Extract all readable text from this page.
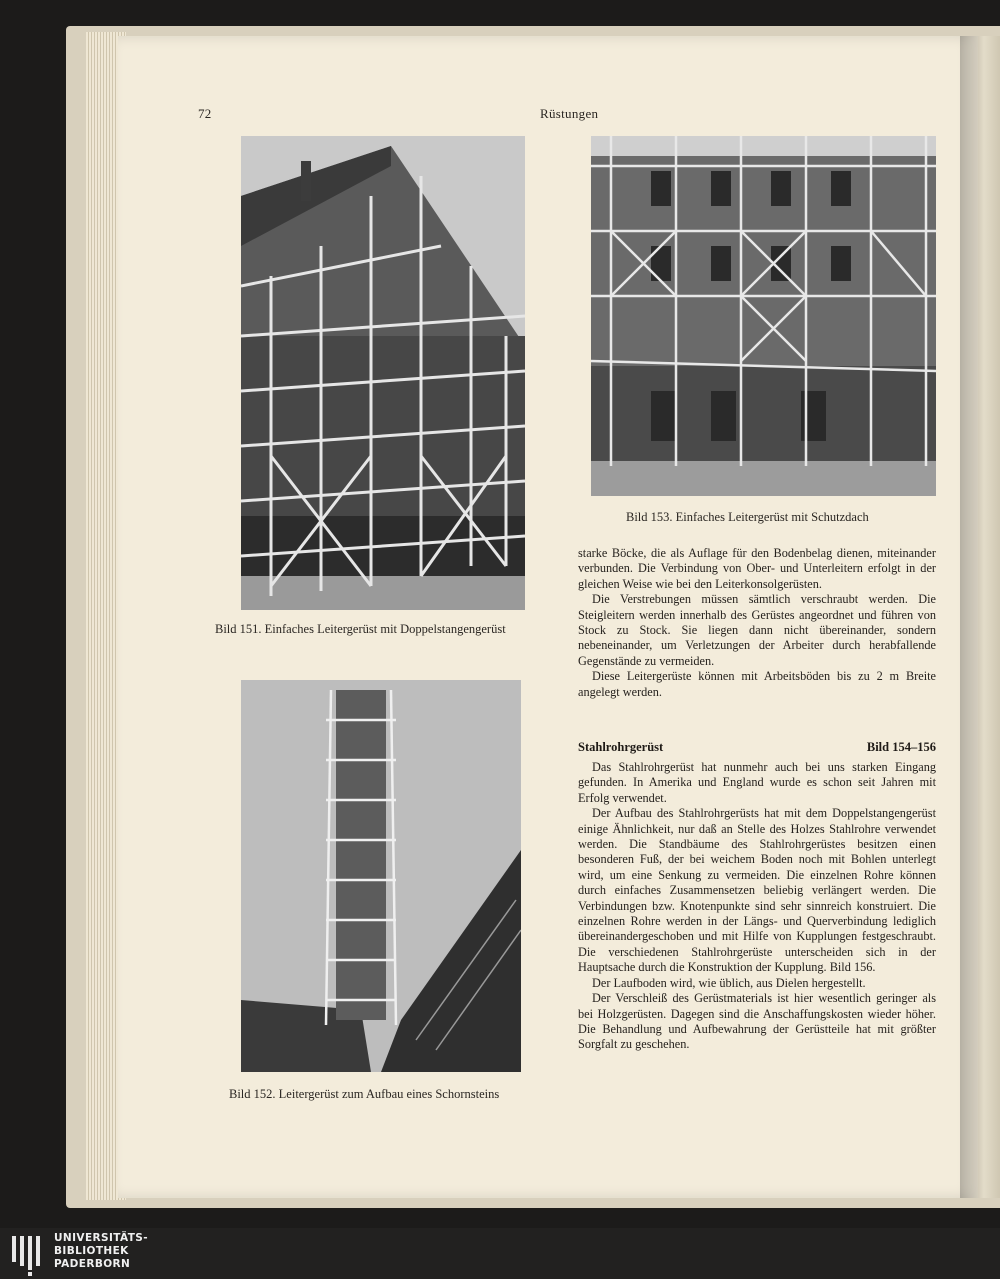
72	Rüstungen
Bild 151. Einfaches Leitergerüst mit Doppelstangengerüst
Bild 152. Leitergerüst zum Aufbau eines Schornsteins
Bild 153. Einfaches Leitergerüst mit Schutzdach

starke Böcke, die als Auflage für den Bodenbelag dienen, miteinander verbunden. Die Verbindung von Ober- und Unterleitern erfolgt in der gleichen Weise wie bei den Leiterkonsolgerüsten.

Die Verstrebungen müssen sämtlich verschraubt werden. Die Steigleitern werden innerhalb des Gerüstes angeordnet und führen von Stock zu Stock. Sie liegen dann nicht übereinander, sondern nebeneinander, um Verletzungen der Arbeiter durch herabfallende Gegenstände zu vermeiden.

Diese Leitergerüste können mit Arbeitsböden bis zu 2 m Breite angelegt werden.

Stahlrohrgerüst	Bild 154–156

Das Stahlrohrgerüst hat nunmehr auch bei uns starken Eingang gefunden. In Amerika und England wurde es schon seit Jahren mit Erfolg verwendet.

Der Aufbau des Stahlrohrgerüsts hat mit dem Doppelstangengerüst einige Ähnlichkeit, nur daß an Stelle des Holzes Stahlrohre verwendet werden. Die Standbäume des Stahlrohrgerüstes besitzen einen besonderen Fuß, der bei weichem Boden noch mit Bohlen unterlegt wird, um eine Senkung zu vermeiden. Die einzelnen Rohre können durch einfaches Zusammensetzen beliebig verlängert werden. Die Verbindungen bzw. Knotenpunkte sind sehr sinnreich konstruiert. Die einzelnen Rohre werden in der Längs- und Querverbindung lediglich übereinandergeschoben und mit Hilfe von Kupplungen festgeschraubt. Die verschiedenen Stahlrohrgerüste unterscheiden sich in der Hauptsache durch die Konstruktion der Kupplung. Bild 156.

Der Laufboden wird, wie üblich, aus Dielen hergestellt.

Der Verschleiß des Gerüstmaterials ist hier wesentlich geringer als bei Holzgerüsten. Dagegen sind die Anschaffungskosten wieder höher. Die Behandlung und Aufbewahrung der Gerüstteile hat mit größter Sorgfalt zu geschehen.

UNIVERSITÄTS-
BIBLIOTHEK
PADERBORN
